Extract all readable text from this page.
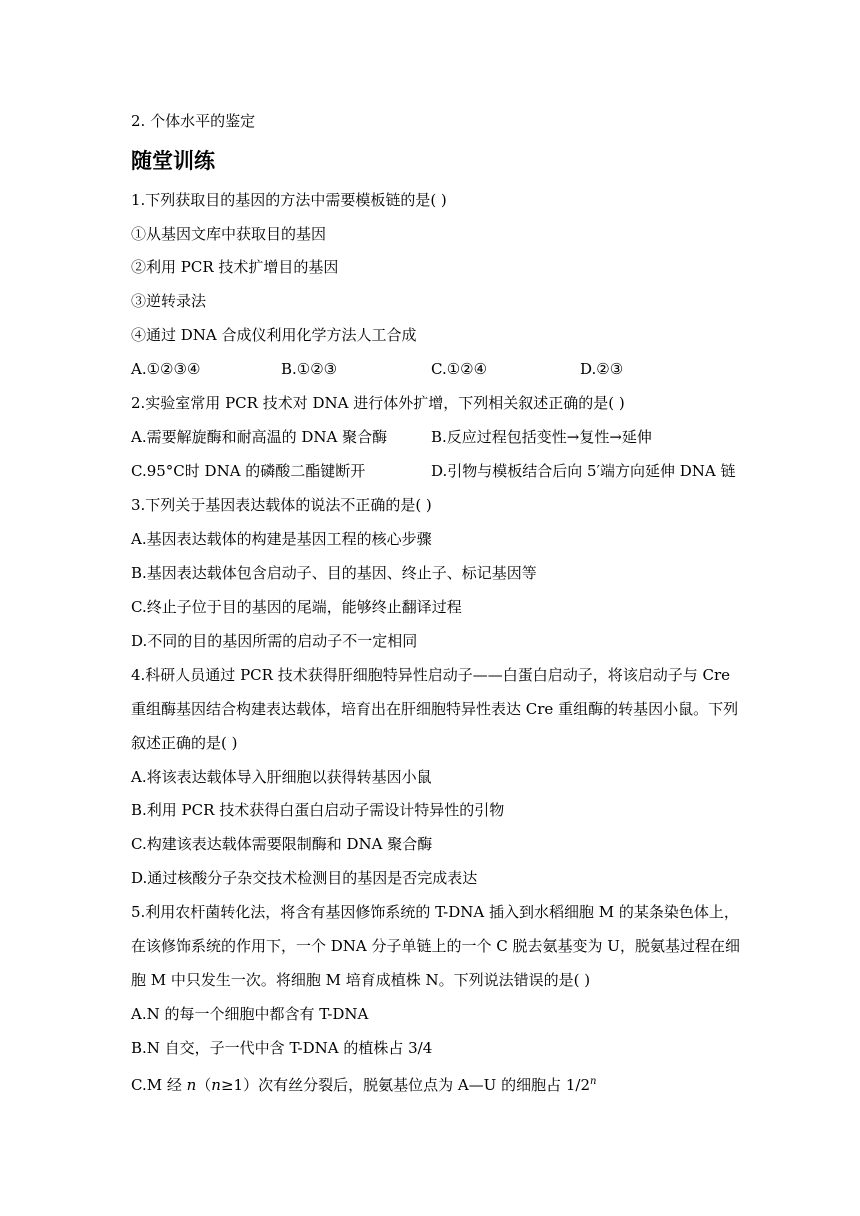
2. 个体水平的鉴定
随堂训练
1.下列获取目的基因的方法中需要模板链的是( )
①从基因文库中获取目的基因
②利用 PCR 技术扩增目的基因
③逆转录法
④通过 DNA 合成仪利用化学方法人工合成
A.①②③④	B.①②③	C.①②④	D.②③
2.实验室常用 PCR 技术对 DNA 进行体外扩增，下列相关叙述正确的是( )
A.需要解旋酶和耐高温的 DNA 聚合酶	B.反应过程包括变性→复性→延伸
C.95°C时 DNA 的磷酸二酯键断开	D.引物与模板结合后向 5′端方向延伸 DNA 链
3.下列关于基因表达载体的说法不正确的是( )
A.基因表达载体的构建是基因工程的核心步骤
B.基因表达载体包含启动子、目的基因、终止子、标记基因等
C.终止子位于目的基因的尾端，能够终止翻译过程
D.不同的目的基因所需的启动子不一定相同
4.科研人员通过 PCR 技术获得肝细胞特异性启动子——白蛋白启动子，将该启动子与 Cre
重组酶基因结合构建表达载体，培育出在肝细胞特异性表达 Cre 重组酶的转基因小鼠。下列
叙述正确的是( )
A.将该表达载体导入肝细胞以获得转基因小鼠
B.利用 PCR 技术获得白蛋白启动子需设计特异性的引物
C.构建该表达载体需要限制酶和 DNA 聚合酶
D.通过核酸分子杂交技术检测目的基因是否完成表达
5.利用农杆菌转化法，将含有基因修饰系统的 T-DNA 插入到水稻细胞 M 的某条染色体上，
在该修饰系统的作用下，一个 DNA 分子单链上的一个 C 脱去氨基变为 U，脱氨基过程在细
胞 M 中只发生一次。将细胞 M 培育成植株 N。下列说法错误的是( )
A.N 的每一个细胞中都含有 T-DNA
B.N 自交，子一代中含 T-DNA 的植株占 3/4
C.M 经 n（n≥1）次有丝分裂后，脱氨基位点为 A—U 的细胞占 1/2$^n$
